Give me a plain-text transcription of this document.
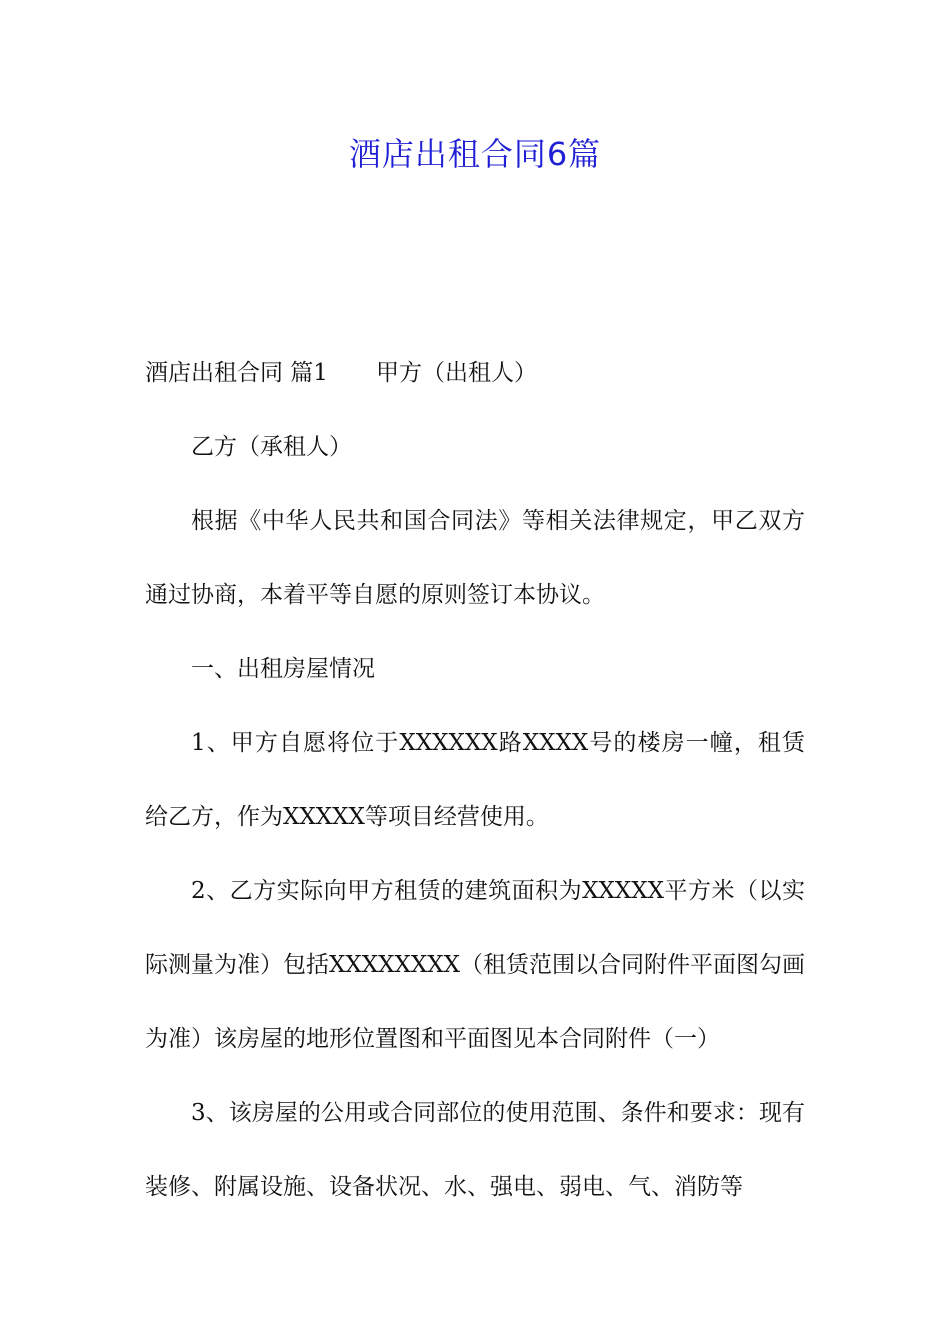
酒店出租合同6篇

酒店出租合同 篇1 甲方（出租人）

乙方（承租人）

根据《中华人民共和国合同法》等相关法律规定，甲乙双方通过协商，本着平等自愿的原则签订本协议。

一、出租房屋情况

1、甲方自愿将位于XXXXXX路XXXX号的楼房一幢，租赁给乙方，作为XXXXX等项目经营使用。

2、乙方实际向甲方租赁的建筑面积为XXXXX平方米（以实际测量为准）包括XXXXXXXX（租赁范围以合同附件平面图勾画为准）该房屋的地形位置图和平面图见本合同附件（一）

3、该房屋的公用或合同部位的使用范围、条件和要求：现有装修、附属设施、设备状况、水、强电、弱电、气、消防等
